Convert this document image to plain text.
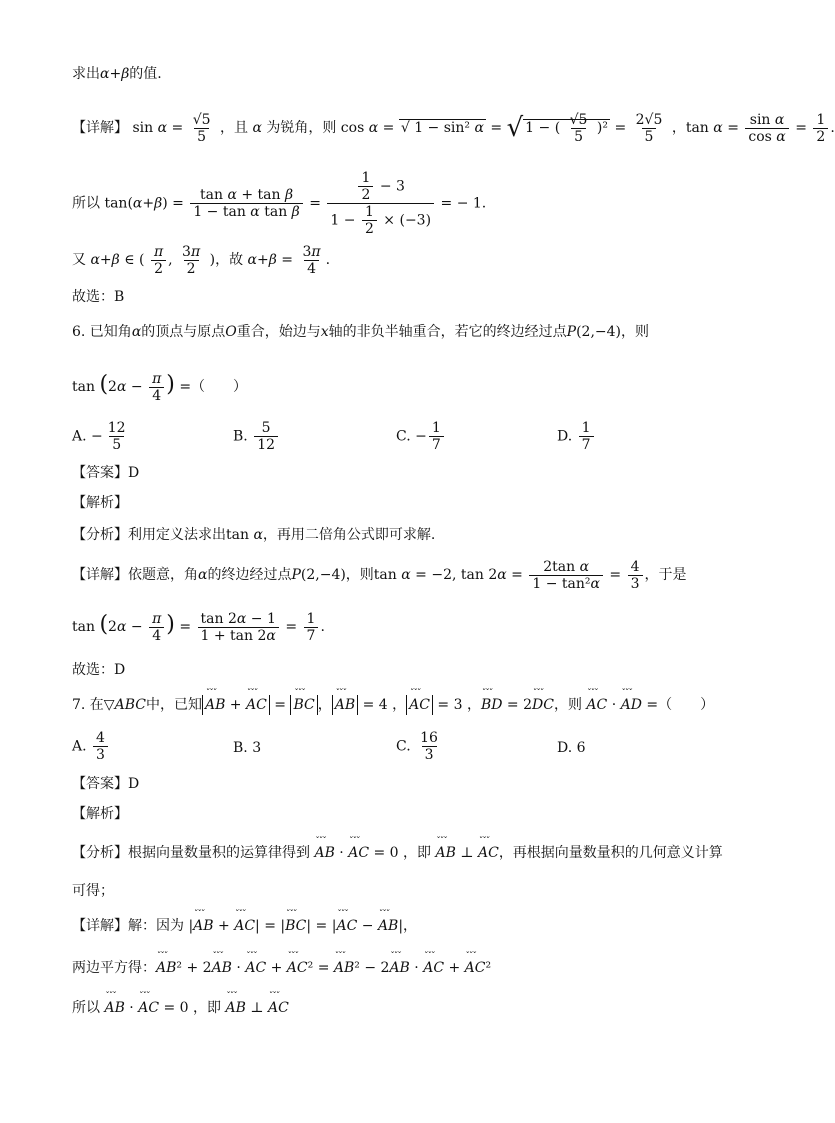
求出α+β的值.
【详解】 $\sin \alpha = \frac{√5}{5}$ ，且 α 为锐角，则 cos α = √ 1 − sin² α = √ 1 − ( $\frac{√5}{5} )^2 = \frac{2√5}{5}$ ，$\tan \alpha = \frac{\text{sin α}}{\text{cos α}} = \frac{1}{2}$ .
所以 $\tan(\alpha+\beta) = \frac{\text{tan α + tan β}}{\text{1 − tan α tan β}} = \frac{\frac{1}{2} - 3}{1 - \frac{1}{2} \times (-3)}$ = − 1.
又 α+β ∈ ( $\frac{\pi}{2}$ , $\frac{3\pi}{2}$ )，故 $\alpha+\beta = \frac{3\pi}{4}$ .
故选：B
6. 已知角α的顶点与原点O重合，始边与x轴的非负半轴重合，若它的终边经过点P(2,−4)，则
$\tan (2\alpha - \frac{\pi}{4}$ ) =（　　）
A. − $\frac{12}{5}$	B. $\frac{5}{12}$	C. − $\frac{1}{7}$	D. $\frac{1}{7}$
【答案】D
【解析】
【分析】利用定义法求出tan α，再用二倍角公式即可求解.
【详解】依题意，角α的终边经过点P(2,−4)，则tan α = −2, $\tan 2\alpha = \frac{\text{2tan α}}{\text{1 − tan²α}} = \frac{4}{3}$ ，于是
$\tan (2\alpha - \frac{\pi}{4}$ ) = $\frac{\tan 2\alpha - 1}{1 + \tan 2\alpha} = \frac{1}{7}$ .
故选：D
7. 在▽ABC中，已知 ˇˇˇ AB + ˇˇˇ AC = ˇˇˇ BC ， ˇˇˇ AB = 4 ， ˇˇˇ AC = 3 ，ˇˇˇ BD = 2ˇˇˇ DC，则 ˇˇˇ AC · ˇˇˇ AD =（　　）
A. $\frac{4}{3}$	B. 3	C. $\frac{16}{3}$	D. 6
【答案】D
【解析】
【分析】根据向量数量积的运算律得到 ˇˇˇ AB · ˇˇˇ AC = 0 ，即 ˇˇˇ AB ⊥ ˇˇˇ AC，再根据向量数量积的几何意义计算
可得；
【详解】解：因为 |ˇˇˇ AB + ˇˇˇ AC| = |ˇˇˇ BC| = |ˇˇˇ AC − ˇˇˇ AB|，
两边平方得：ˇˇˇ AB² + 2ˇˇˇ AB · ˇˇˇ AC + ˇˇˇ AC² = ˇˇˇ AB² − 2ˇˇˇ AB · ˇˇˇ AC + ˇˇˇ AC²
所以 ˇˇˇ AB · ˇˇˇ AC = 0 ，即 ˇˇˇ AB ⊥ ˇˇˇ AC
